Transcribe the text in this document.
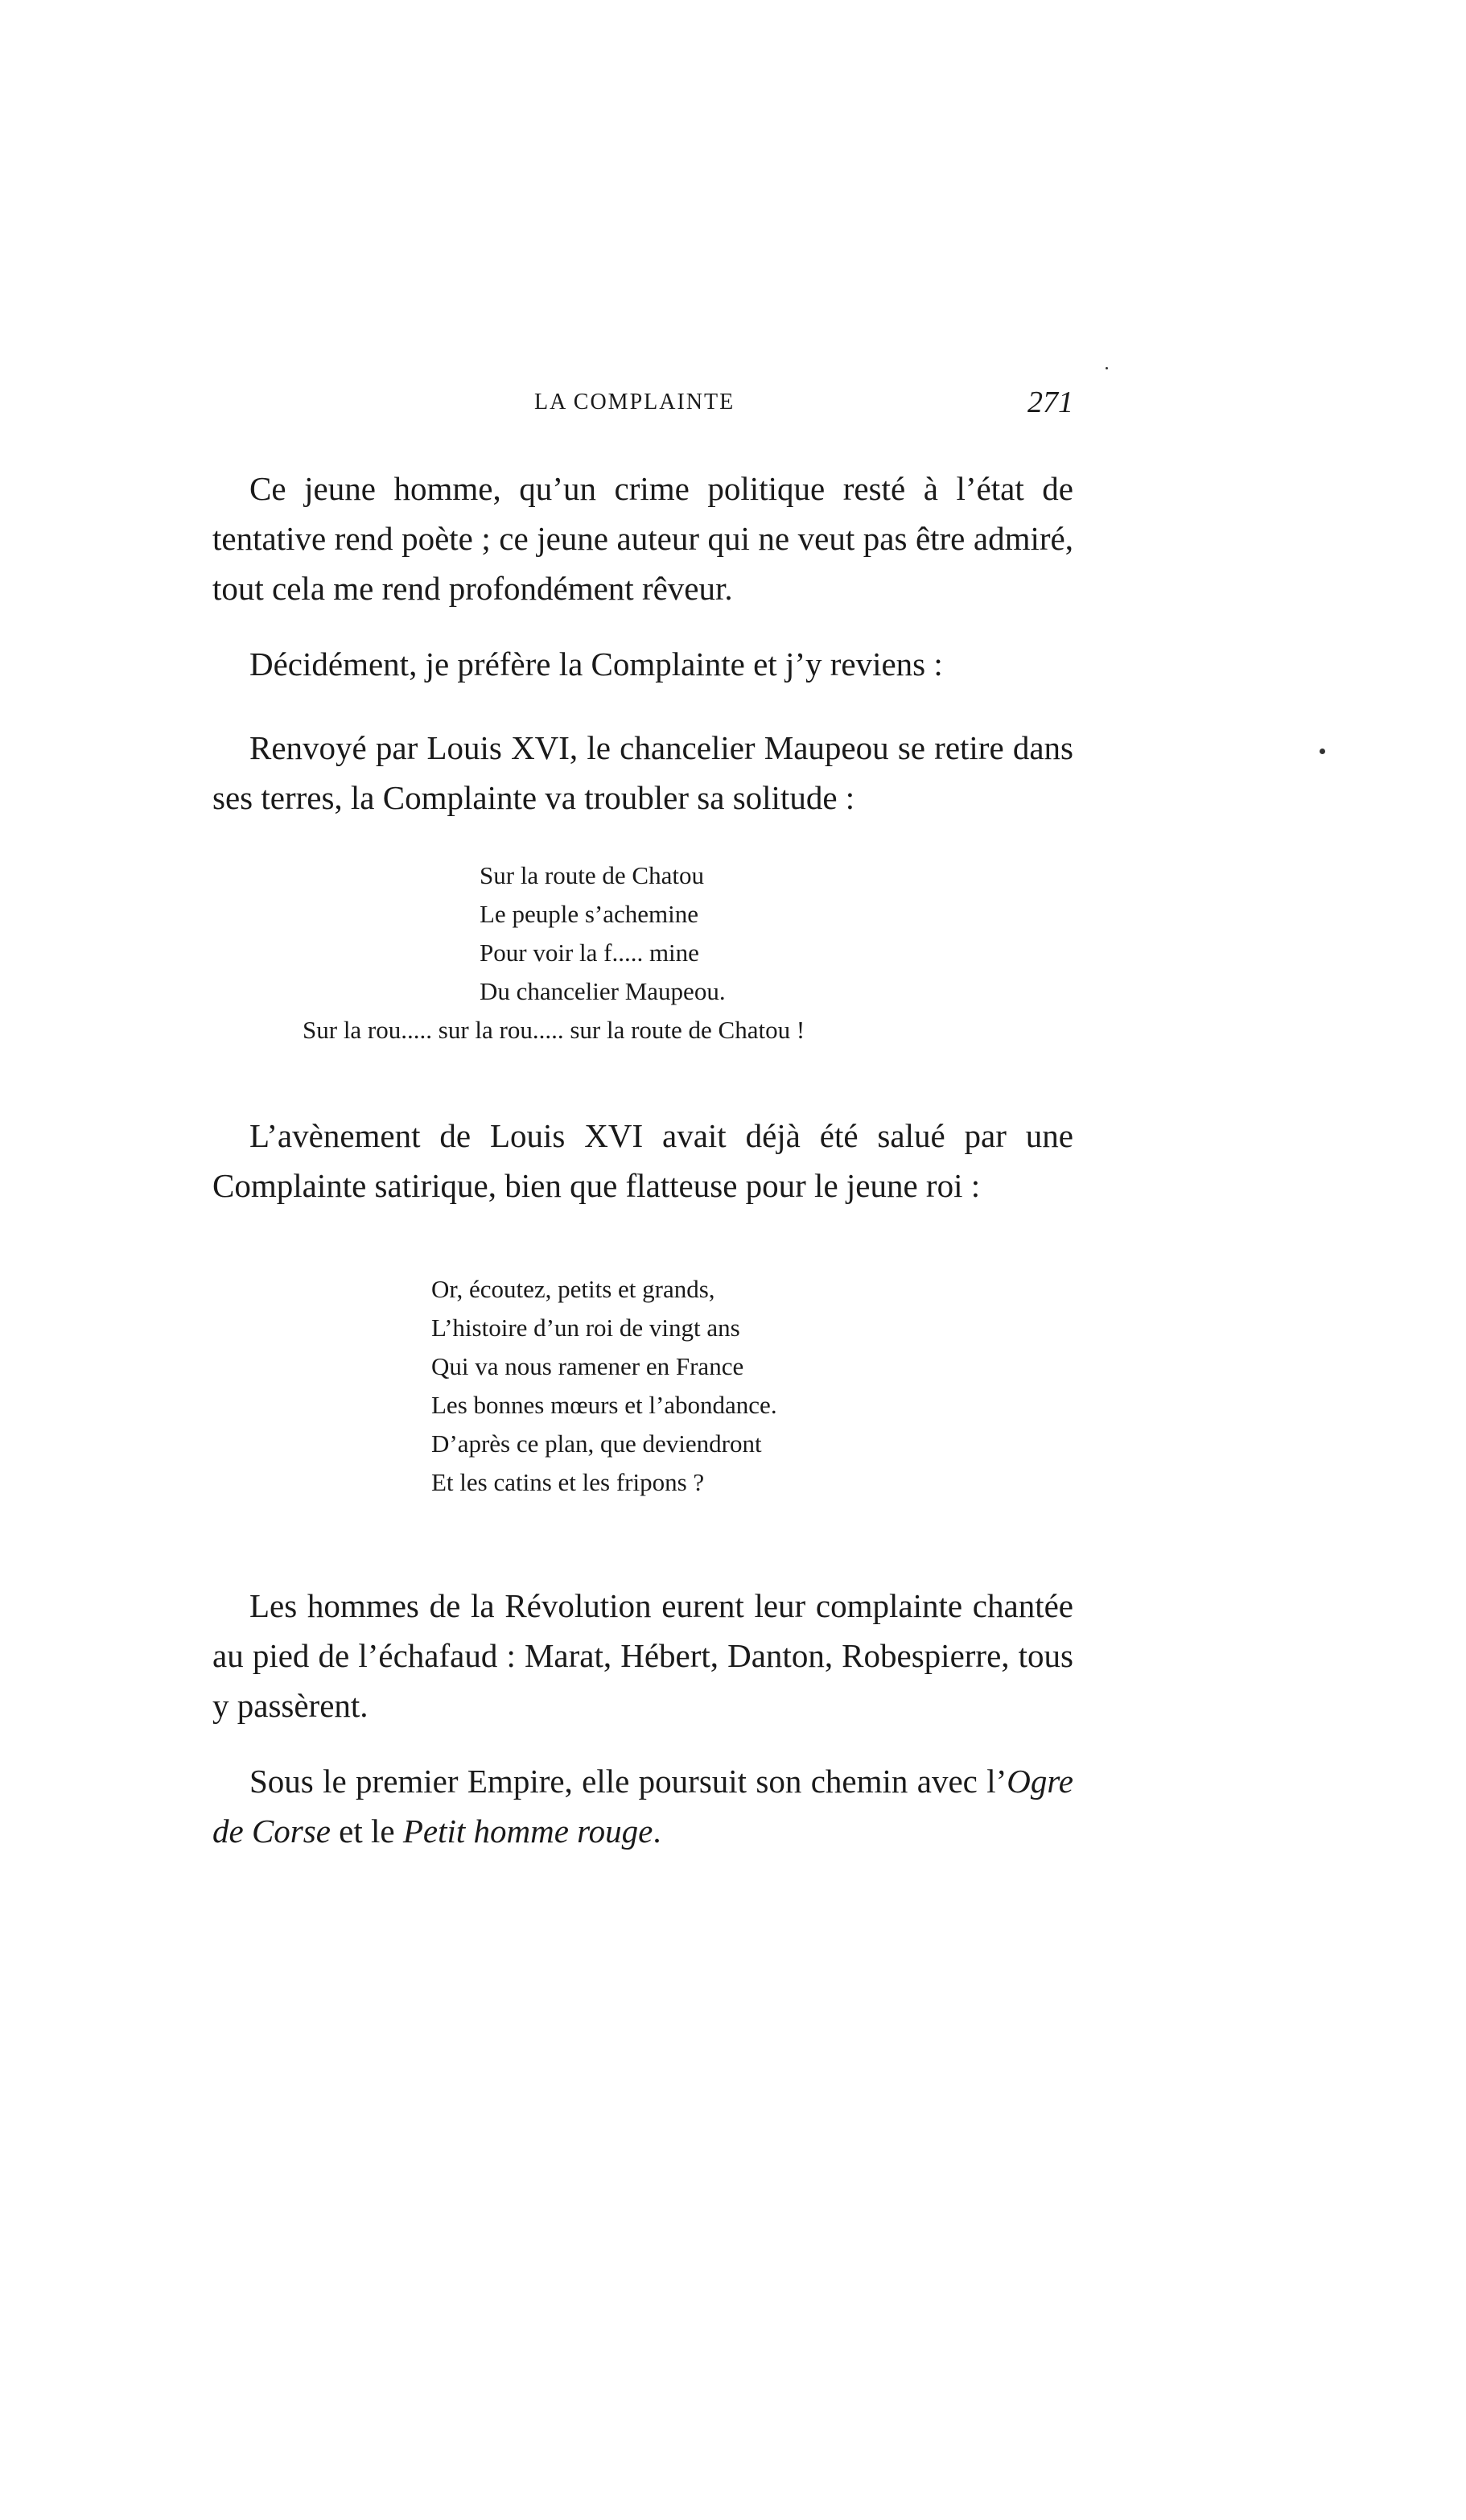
LA COMPLAINTE	271

Ce jeune homme, qu’un crime politique resté à l’état de tentative rend poète ; ce jeune auteur qui ne veut pas être admiré, tout cela me rend profondément rêveur.

Décidément, je préfère la Complainte et j’y reviens :

Renvoyé par Louis XVI, le chancelier Maupeou se retire dans ses terres, la Complainte va troubler sa solitude :

Sur la route de Chatou
Le peuple s’achemine
Pour voir la f..... mine
Du chancelier Maupeou.
Sur la rou..... sur la rou..... sur la route de Chatou !

L’avènement de Louis XVI avait déjà été salué par une Complainte satirique, bien que flatteuse pour le jeune roi :

Or, écoutez, petits et grands,
L’histoire d’un roi de vingt ans
Qui va nous ramener en France
Les bonnes mœurs et l’abondance.
D’après ce plan, que deviendront
Et les catins et les fripons ?

Les hommes de la Révolution eurent leur complainte chantée au pied de l’échafaud : Marat, Hébert, Danton, Robespierre, tous y passèrent.

Sous le premier Empire, elle poursuit son chemin avec l’Ogre de Corse et le Petit homme rouge.
